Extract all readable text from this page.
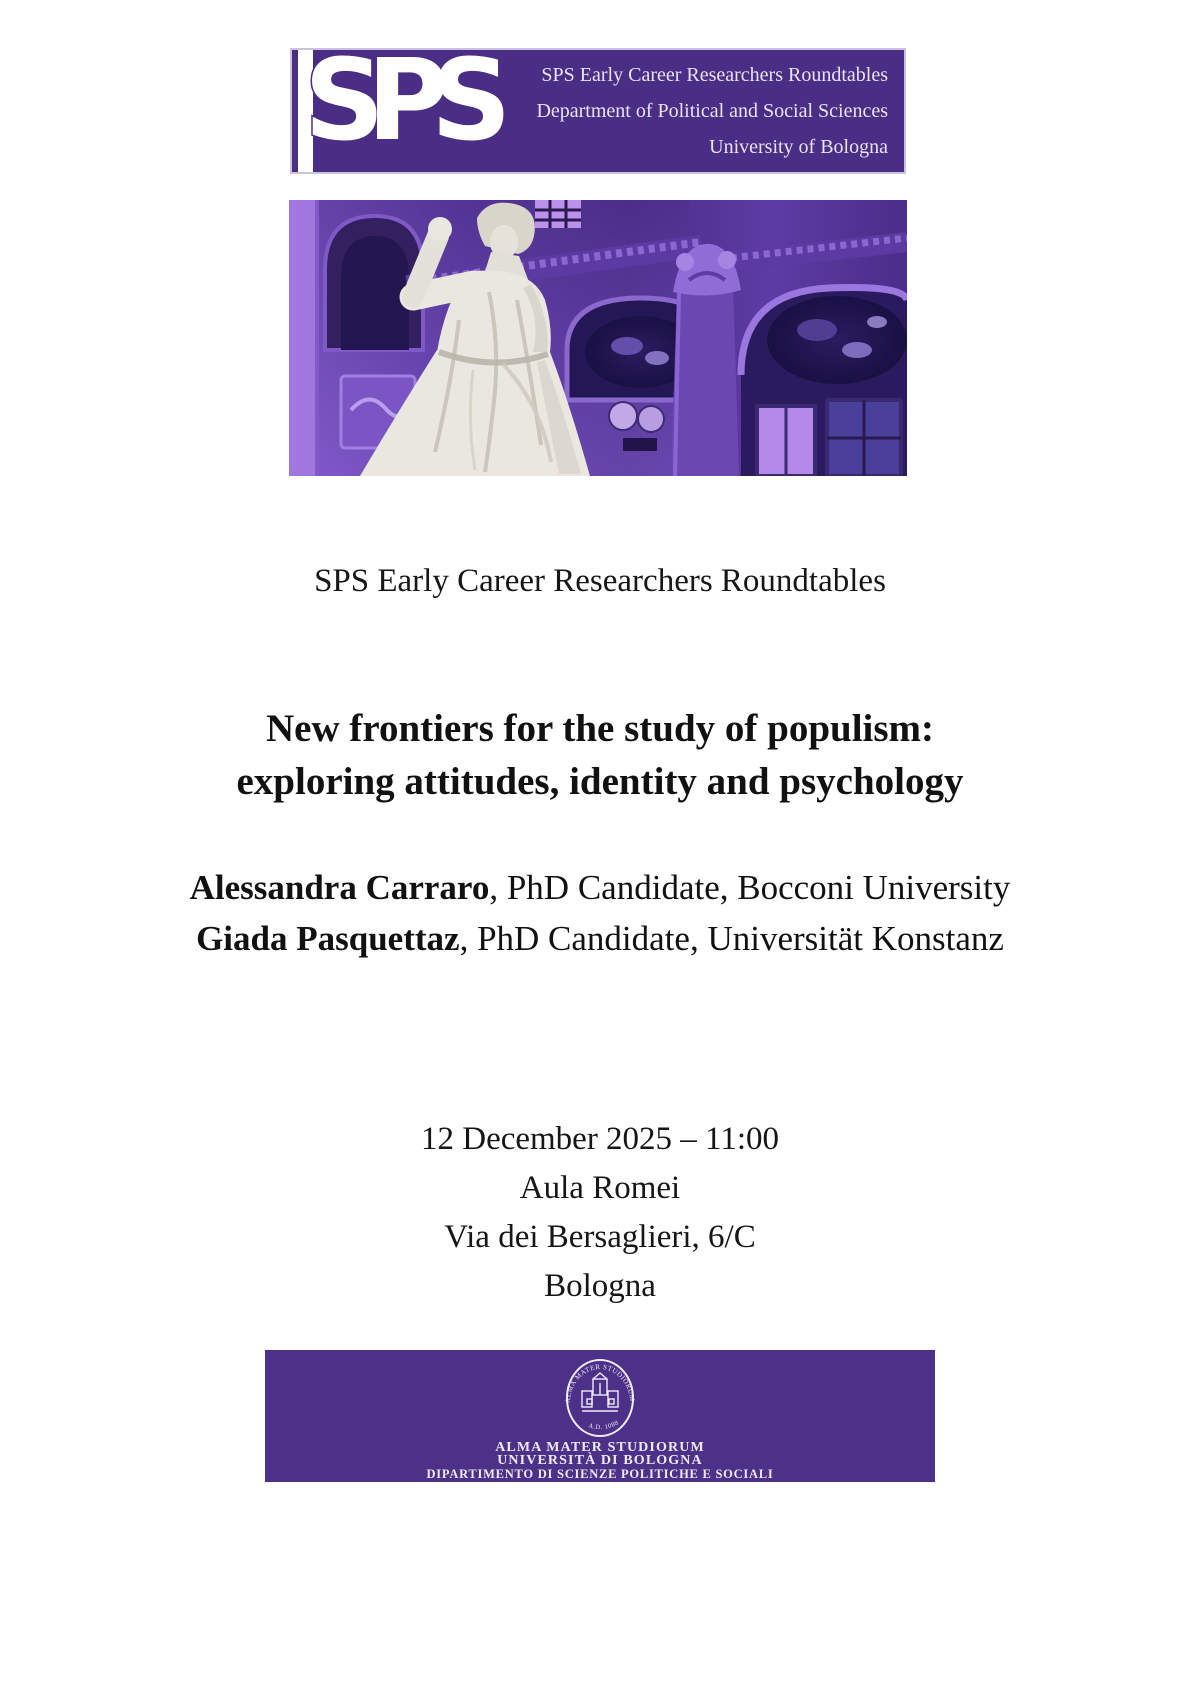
SPS SPS Early Career Researchers Roundtables
Department of Political and Social Sciences
University of Bologna
SPS Early Career Researchers Roundtables
New frontiers for the study of populism:
exploring attitudes, identity and psychology
Alessandra Carraro, PhD Candidate, Bocconi University
Giada Pasquettaz, PhD Candidate, Universität Konstanz
12 December 2025 – 11:00
Aula Romei
Via dei Bersaglieri, 6/C
Bologna
ALMA MATER STUDIORUM
A.D. 1088
ALMA MATER STUDIORUM
UNIVERSITÀ DI BOLOGNA
DIPARTIMENTO DI SCIENZE POLITICHE E SOCIALI
